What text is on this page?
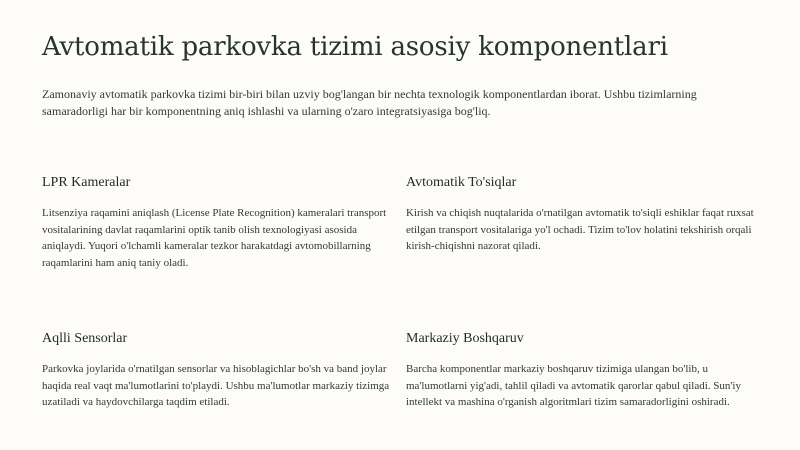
Avtomatik parkovka tizimi asosiy komponentlari

Zamonaviy avtomatik parkovka tizimi bir-biri bilan uzviy bog'langan bir nechta texnologik komponentlardan iborat. Ushbu tizimlarning samaradorligi har bir komponentning aniq ishlashi va ularning o'zaro integratsiyasiga bog'liq.

LPR Kameralar

Litsenziya raqamini aniqlash (License Plate Recognition) kameralari transport vositalarining davlat raqamlarini optik tanib olish texnologiyasi asosida aniqlaydi. Yuqori o'lchamli kameralar tezkor harakatdagi avtomobillarning raqamlarini ham aniq taniy oladi.

Avtomatik To'siqlar

Kirish va chiqish nuqtalarida o'rnatilgan avtomatik to'siqli eshiklar faqat ruxsat etilgan transport vositalariga yo'l ochadi. Tizim to'lov holatini tekshirish orqali kirish-chiqishni nazorat qiladi.

Aqlli Sensorlar

Parkovka joylarida o'rnatilgan sensorlar va hisoblagichlar bo'sh va band joylar haqida real vaqt ma'lumotlarini to'playdi. Ushbu ma'lumotlar markaziy tizimga uzatiladi va haydovchilarga taqdim etiladi.

Markaziy Boshqaruv

Barcha komponentlar markaziy boshqaruv tizimiga ulangan bo'lib, u ma'lumotlarni yig'adi, tahlil qiladi va avtomatik qarorlar qabul qiladi. Sun'iy intellekt va mashina o'rganish algoritmlari tizim samaradorligini oshiradi.
